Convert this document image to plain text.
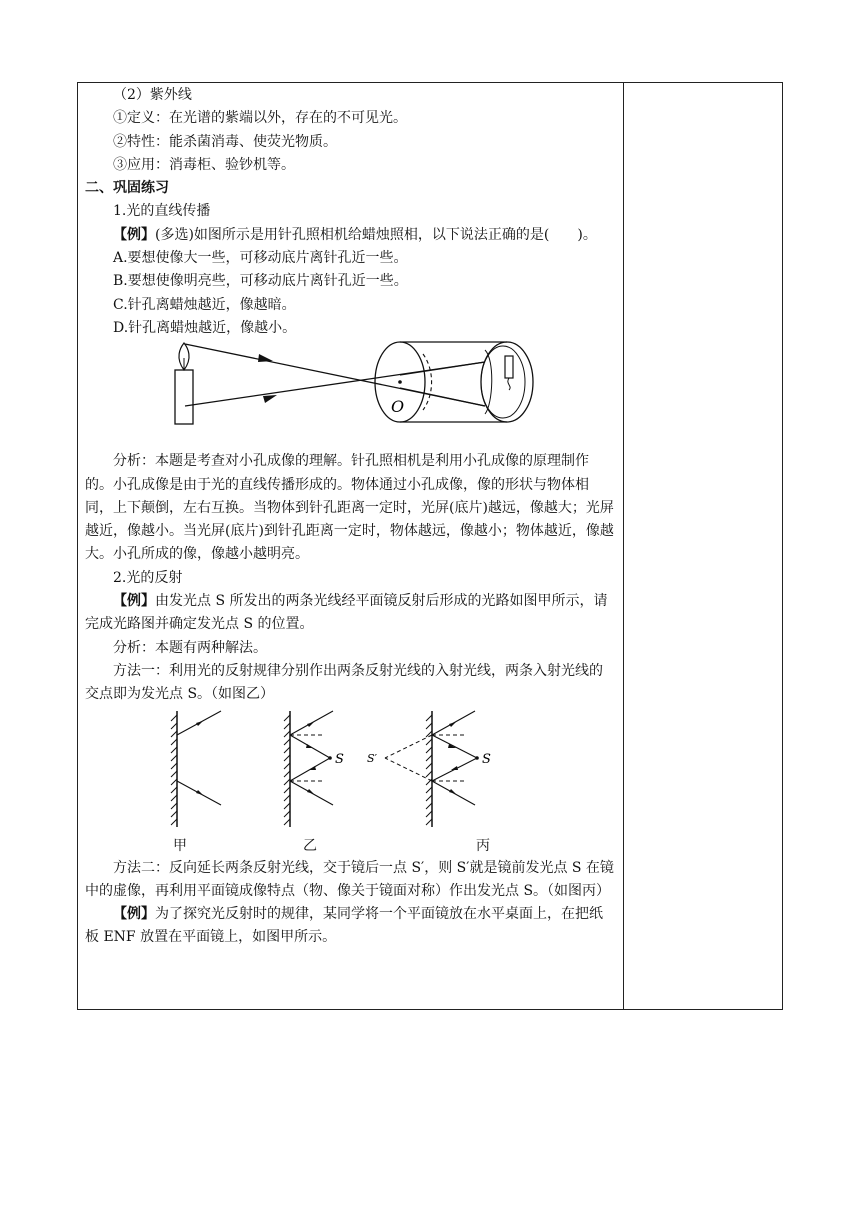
（2）紫外线

①定义：在光谱的紫端以外，存在的不可见光。

②特性：能杀菌消毒、使荧光物质。

③应用：消毒柜、验钞机等。

二、巩固练习

1.光的直线传播

【例】(多选)如图所示是用针孔照相机给蜡烛照相，以下说法正确的是(　　)。

A.要想使像大一些，可移动底片离针孔近一些。

B.要想使像明亮些，可移动底片离针孔近一些。

C.针孔离蜡烛越近，像越暗。

D.针孔离蜡烛越近，像越小。

O

分析：本题是考查对小孔成像的理解。针孔照相机是利用小孔成像的原理制作的。小孔成像是由于光的直线传播形成的。物体通过小孔成像，像的形状与物体相同，上下颠倒，左右互换。当物体到针孔距离一定时，光屏(底片)越远，像越大；光屏越近，像越小。当光屏(底片)到针孔距离一定时，物体越远，像越小；物体越近，像越大。小孔所成的像，像越小越明亮。

2.光的反射

【例】由发光点 S 所发出的两条光线经平面镜反射后形成的光路如图甲所示，请完成光路图并确定发光点 S 的位置。

分析：本题有两种解法。

方法一：利用光的反射规律分别作出两条反射光线的入射光线，两条入射光线的交点即为发光点 S。（如图乙）

S	S
S′
甲	乙	丙

方法二：反向延长两条反射光线，交于镜后一点 S′，则 S′就是镜前发光点 S 在镜中的虚像，再利用平面镜成像特点（物、像关于镜面对称）作出发光点 S。（如图丙）

【例】为了探究光反射时的规律，某同学将一个平面镜放在水平桌面上，在把纸板 ENF 放置在平面镜上，如图甲所示。
